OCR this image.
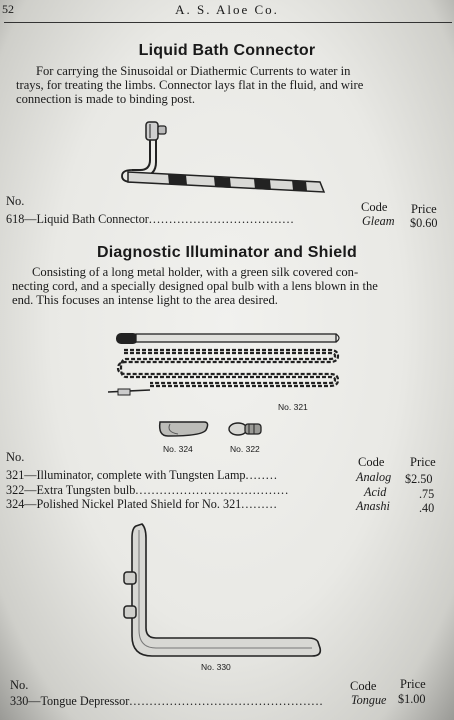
52	A. S. Aloe Co.
Liquid Bath Connector
For carrying the Sinusoidal or Diathermic Currents to water in
trays, for treating the limbs. Connector lays flat in the fluid, and wire
connection is made to binding post.
No.	Code Price
618—Liquid Bath Connector....................................	Gleam $0.60
Diagnostic Illuminator and Shield
Consisting of a long metal holder, with a green silk covered con-
necting cord, and a specially designed opal bulb with a lens blown in the
end. This focuses an intense light to the area desired.
No. 321
No. 324	No. 322
No.	Code Price
321—Illuminator, complete with Tungsten Lamp........	Analog $2.50
322—Extra Tungsten bulb......................................	Acid	.75
324—Polished Nickel Plated Shield for No. 321.........	Anashi .40
No. 330
No.	Code Price
330—Tongue Depressor................................................ Tongue $1.00
